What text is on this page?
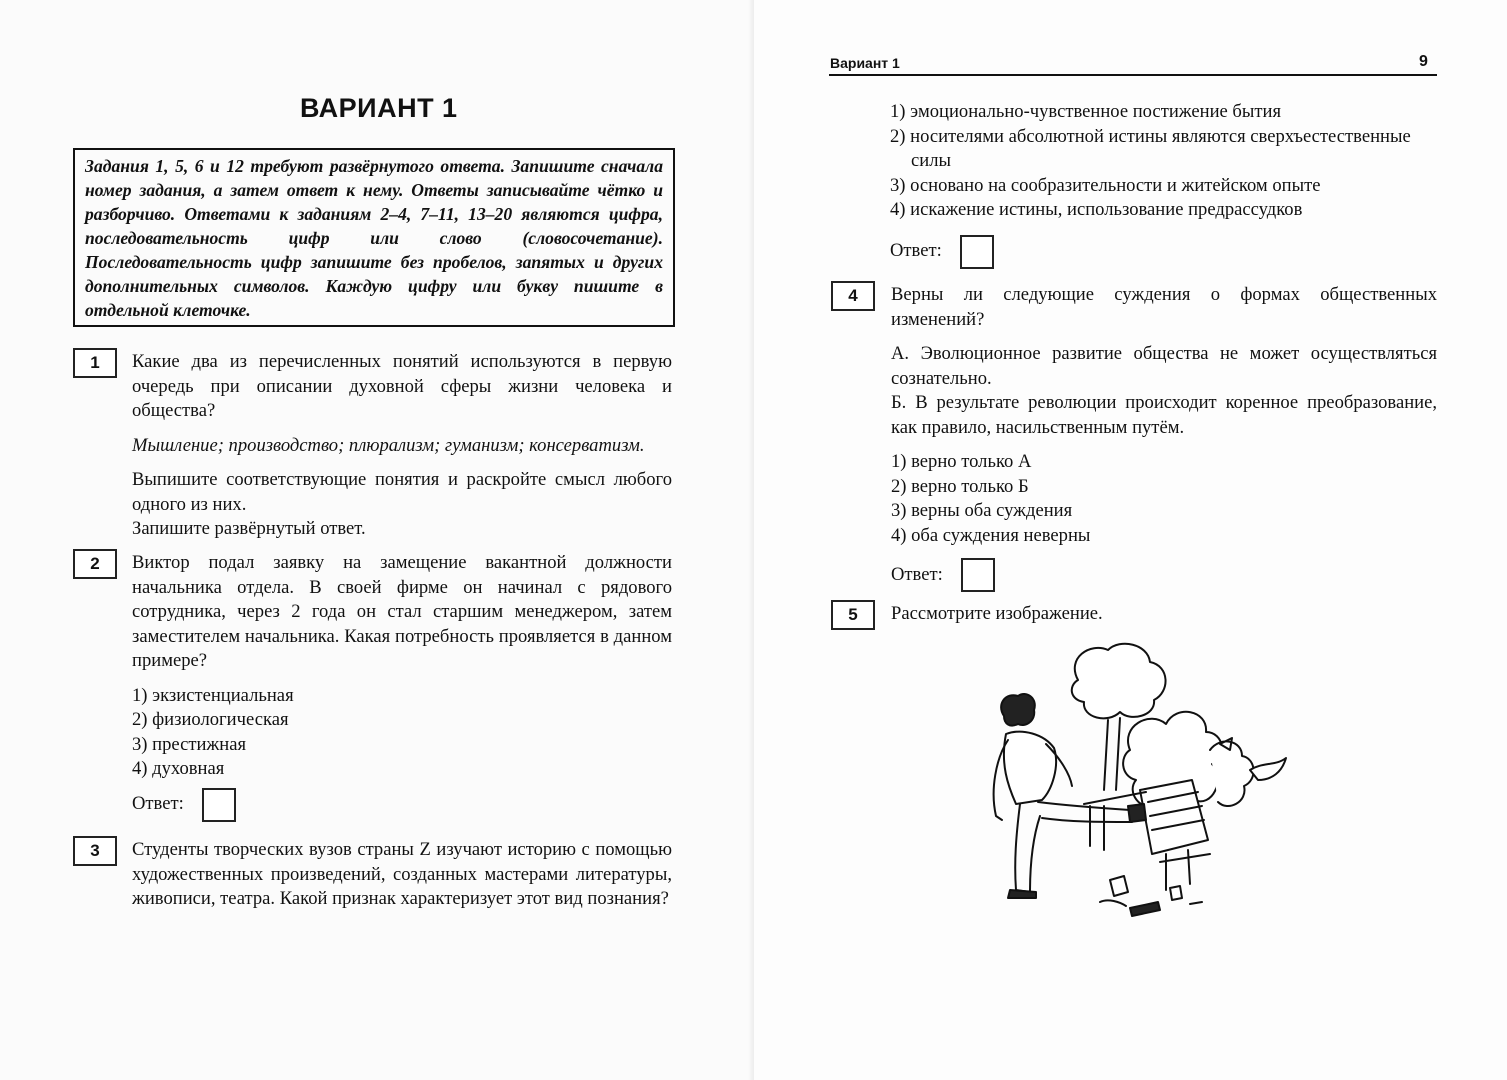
ВАРИАНТ 1
Задания 1, 5, 6 и 12 требуют развёрнутого ответа. Запишите сначала номер задания, а затем ответ к нему. Ответы записывайте чётко и разборчиво. Ответами к заданиям 2–4, 7–11, 13–20 являются цифра, последовательность цифр или слово (словосочетание). Последовательность цифр запишите без пробелов, запятых и других дополнительных символов. Каждую цифру или букву пишите в отдельной клеточке.
1	Какие два из перечисленных понятий используются в первую очередь при описании духовной сферы жизни человека и общества?

Мышление; производство; плюрализм; гуманизм; консерватизм.

Выпишите соответствующие понятия и раскройте смысл любого одного из них.

Запишите развёрнутый ответ.

2	Виктор подал заявку на замещение вакантной должности начальника отдела. В своей фирме он начинал с рядового сотрудника, через 2 года он стал старшим менеджером, затем заместителем начальника. Какая потребность проявляется в данном примере?

1) экзистенциальная
2) физиологическая
3) престижная
4) духовная
Ответ:
3	Студенты творческих вузов страны Z изучают историю с помощью художественных произведений, созданных мастерами литературы, живописи, театра. Какой признак характеризует этот вид познания?

Вариант 1	9
1) эмоционально-чувственное постижение бытия
2) носителями абсолютной истины являются сверхъестественные силы
3) основано на сообразительности и житейском опыте
4) искажение истины, использование предрассудков
Ответ:
4	Верны ли следующие суждения о формах общественных изменений?

А. Эволюционное развитие общества не может осуществляться сознательно.

Б. В результате революции происходит коренное преобразование, как правило, насильственным путём.

1) верно только А
2) верно только Б
3) верны оба суждения
4) оба суждения неверны
Ответ:
5	Рассмотрите изображение.
